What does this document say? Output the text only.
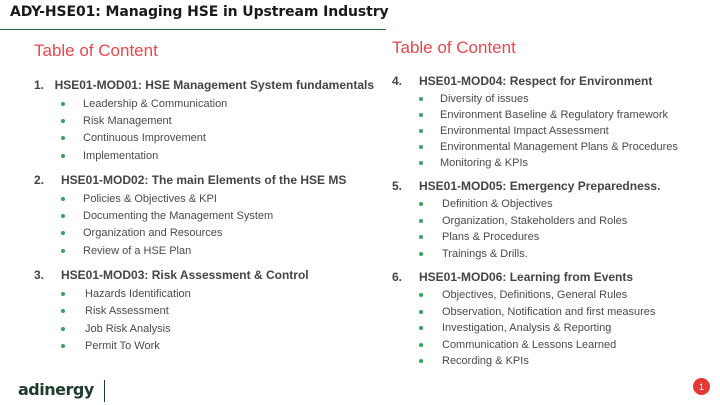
ADY-HSE01: Managing HSE in Upstream Industry
Table of Content	Table of Content
1. HSE01-MOD01: HSE Management System fundamentals
Leadership & Communication
Risk Management
Continuous Improvement
Implementation
2.	HSE01-MOD02: The main Elements of the HSE MS
Policies & Objectives & KPI
Documenting the Management System
Organization and Resources
Review of a HSE Plan
3.	HSE01-MOD03: Risk Assessment & Control
Hazards Identification
Risk Assessment
Job Risk Analysis
Permit To Work
4.	HSE01-MOD04: Respect for Environment
Diversity of issues
Environment Baseline & Regulatory framework
Environmental Impact Assessment
Environmental Management Plans & Procedures
Monitoring & KPIs
5.	HSE01-MOD05: Emergency Preparedness.
Definition & Objectives
Organization, Stakeholders and Roles
Plans & Procedures
Trainings & Drills.
6.	HSE01-MOD06: Learning from Events
Objectives, Definitions, General Rules
Observation, Notification and first measures
Investigation, Analysis & Reporting
Communication & Lessons Learned
Recording & KPIs
adinergy	1
